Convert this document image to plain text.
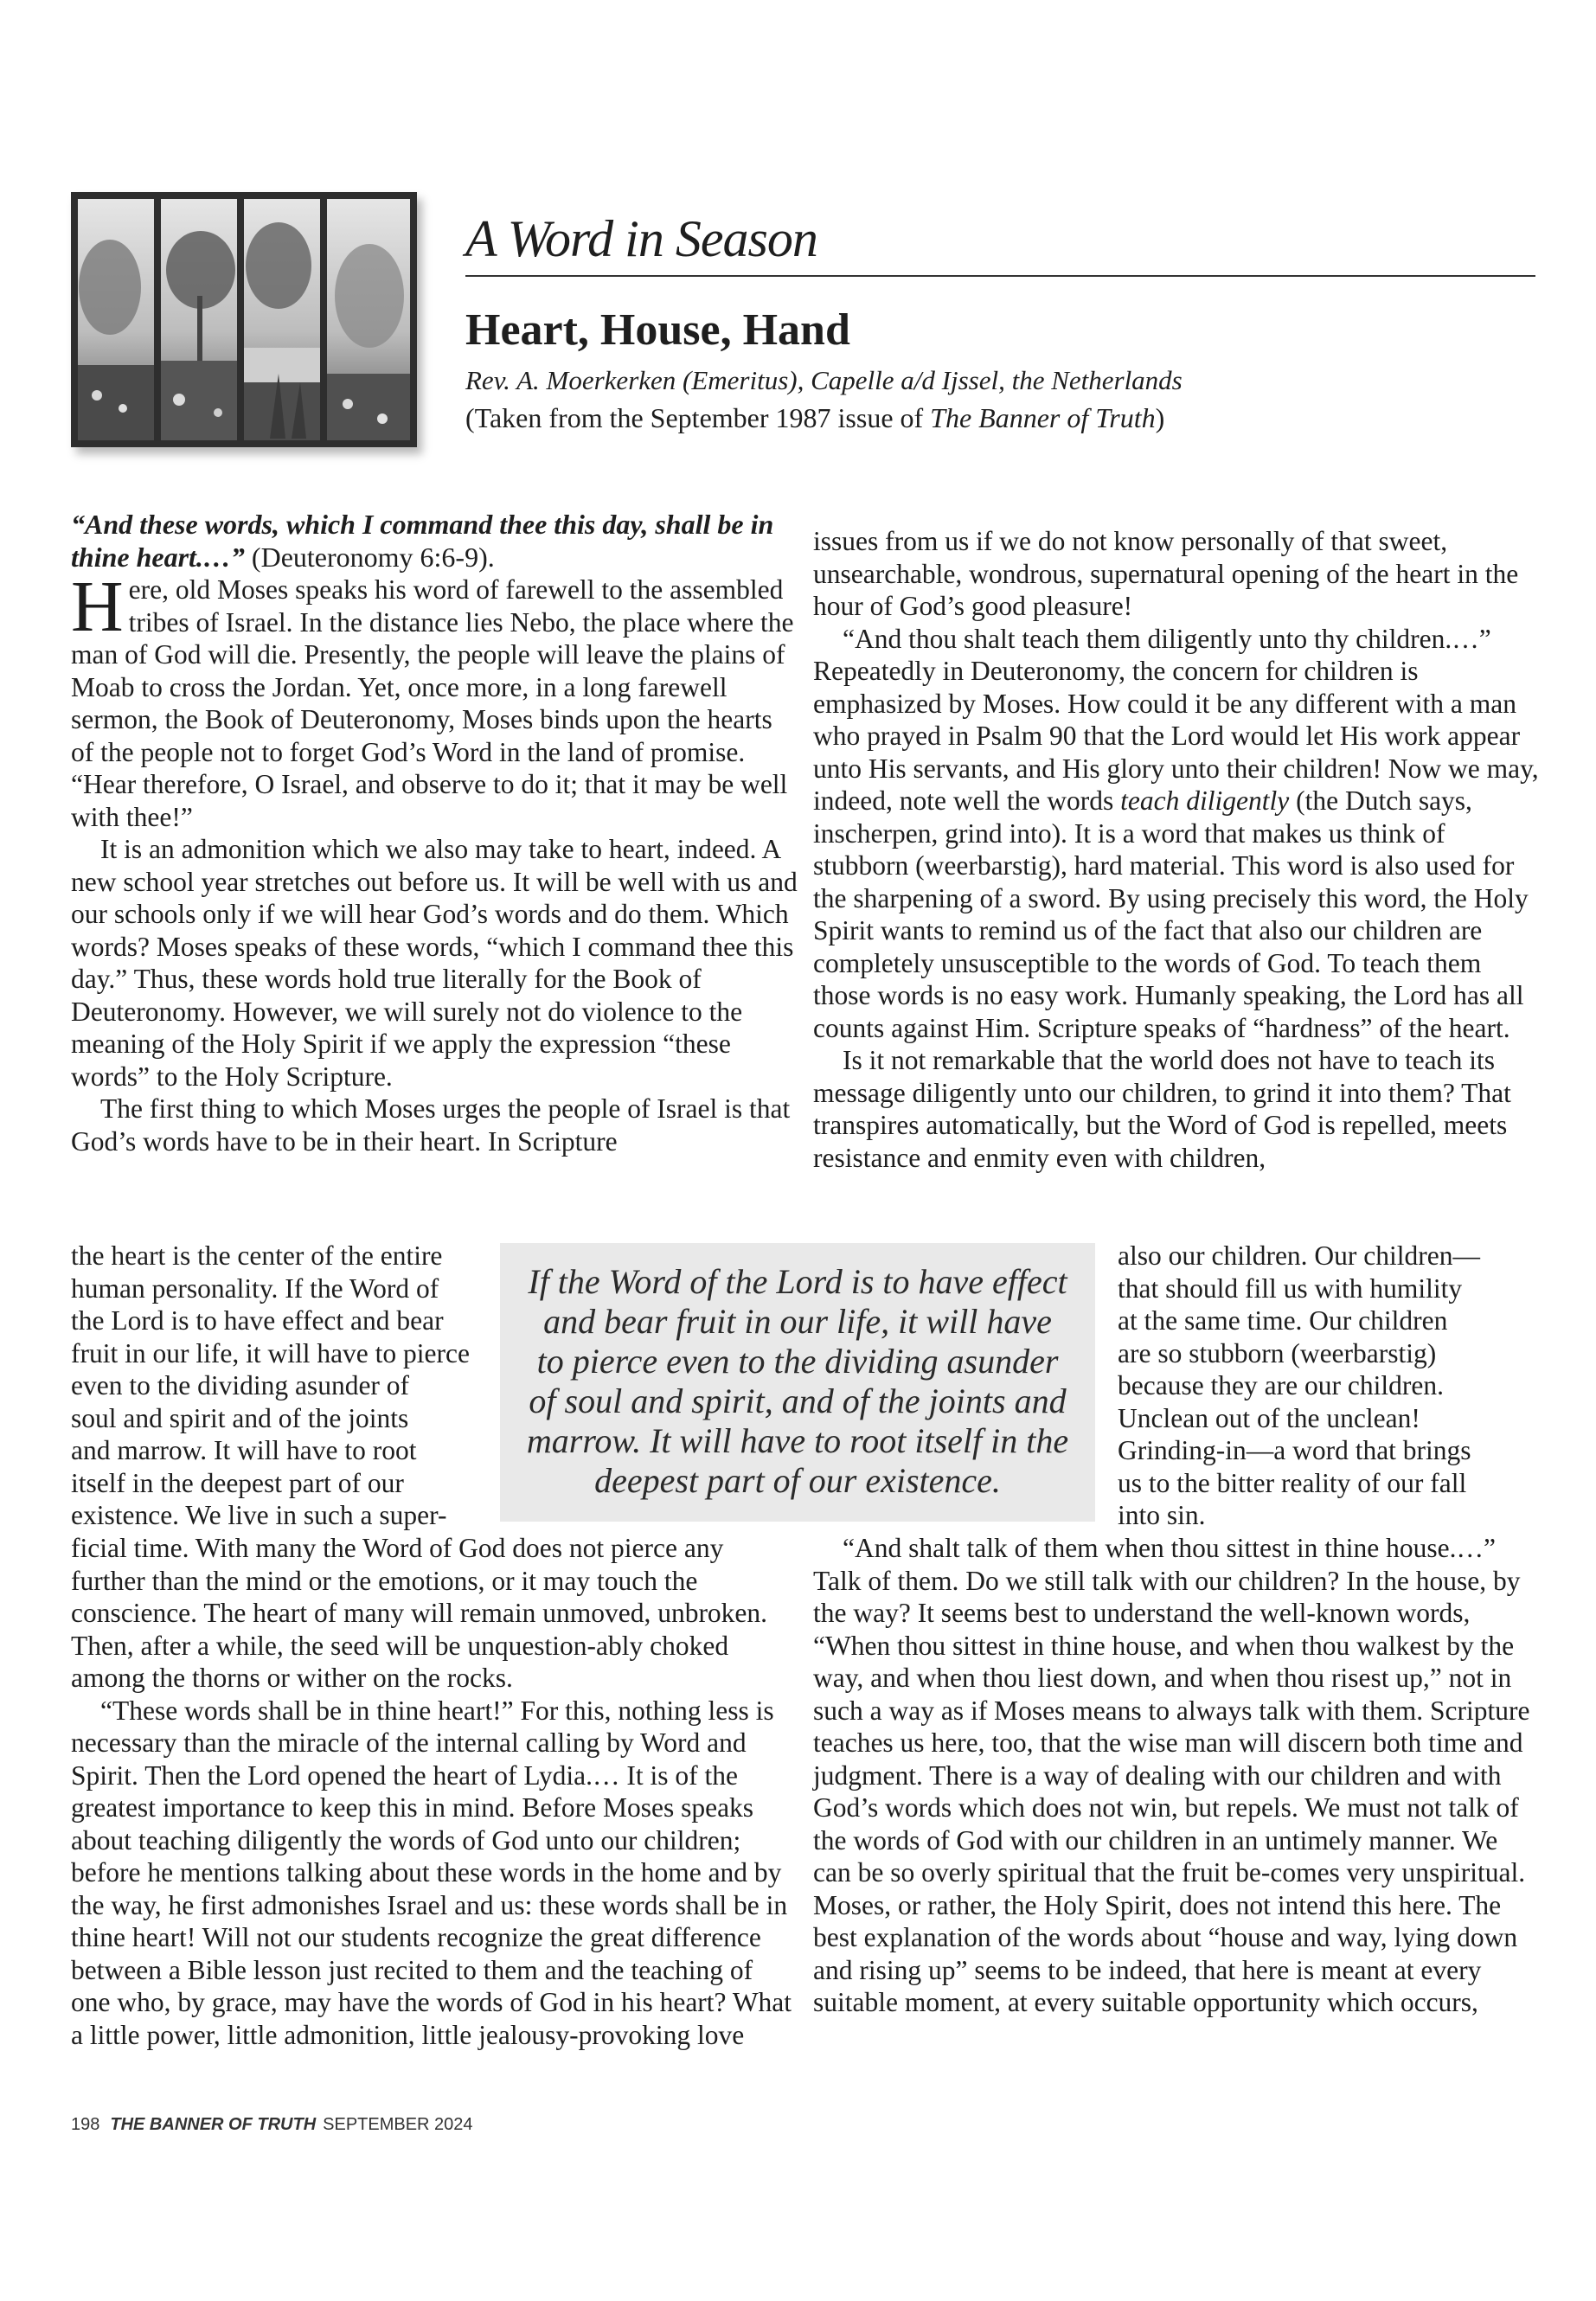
A Word in Season
Heart, House, Hand
Rev. A. Moerkerken (Emeritus), Capelle a/d Ijssel, the Netherlands
(Taken from the September 1987 issue of The Banner of Truth)

“And these words, which I command thee this day, shall be in thine heart.…” (Deuteronomy 6:6-9).

Here, old Moses speaks his word of farewell to the assembled tribes of Israel. In the distance lies Nebo, the place where the man of God will die. Presently, the people will leave the plains of Moab to cross the Jordan. Yet, once more, in a long farewell sermon, the Book of Deuteronomy, Moses binds upon the hearts of the people not to forget God’s Word in the land of promise. “Hear therefore, O Israel, and observe to do it; that it may be well with thee!”

It is an admonition which we also may take to heart, indeed. A new school year stretches out before us. It will be well with us and our schools only if we will hear God’s words and do them. Which words? Moses speaks of these words, “which I command thee this day.” Thus, these words hold true literally for the Book of Deuteronomy. However, we will surely not do violence to the meaning of the Holy Spirit if we apply the expression “these words” to the Holy Scripture.

The first thing to which Moses urges the people of Israel is that God’s words have to be in their heart. In Scripture

the heart is the center of the entire
human personality. If the Word of
the Lord is to have effect and bear
fruit in our life, it will have to pierce
even to the dividing asunder of
soul and spirit and of the joints
and marrow. It will have to root
itself in the deepest part of our
existence. We live in such a super-

If the Word of the Lord is to have effect and bear fruit in our life, it will have to pierce even to the dividing asunder of soul and spirit, and of the joints and marrow. It will have to root itself in the deepest part of our existence.

also our children. Our children—
that should fill us with humility
at the same time. Our children
are so stubborn (weerbarstig)
because they are our children.
Unclean out of the unclean!
Grinding-in—a word that brings
us to the bitter reality of our fall
into sin.

ficial time. With many the Word of God does not pierce any further than the mind or the emotions, or it may touch the conscience. The heart of many will remain unmoved, unbroken. Then, after a while, the seed will be unquestion-ably choked among the thorns or wither on the rocks.

“These words shall be in thine heart!” For this, nothing less is necessary than the miracle of the internal calling by Word and Spirit. Then the Lord opened the heart of Lydia.… It is of the greatest importance to keep this in mind. Before Moses speaks about teaching diligently the words of God unto our children; before he mentions talking about these words in the home and by the way, he first admonishes Israel and us: these words shall be in thine heart! Will not our students recognize the great difference between a Bible lesson just recited to them and the teaching of one who, by grace, may have the words of God in his heart? What a little power, little admonition, little jealousy-provoking love

issues from us if we do not know personally of that sweet, unsearchable, wondrous, supernatural opening of the heart in the hour of God’s good pleasure!

“And thou shalt teach them diligently unto thy children.…” Repeatedly in Deuteronomy, the concern for children is emphasized by Moses. How could it be any different with a man who prayed in Psalm 90 that the Lord would let His work appear unto His servants, and His glory unto their children! Now we may, indeed, note well the words teach diligently (the Dutch says, inscherpen, grind into). It is a word that makes us think of stubborn (weerbarstig), hard material. This word is also used for the sharpening of a sword. By using precisely this word, the Holy Spirit wants to remind us of the fact that also our children are completely unsusceptible to the words of God. To teach them those words is no easy work. Humanly speaking, the Lord has all counts against Him. Scripture speaks of “hardness” of the heart.

Is it not remarkable that the world does not have to teach its message diligently unto our children, to grind it into them? That transpires automatically, but the Word of God is repelled, meets resistance and enmity even with children,

“And shalt talk of them when thou sittest in thine house.…” Talk of them. Do we still talk with our children? In the house, by the way? It seems best to understand the well-known words, “When thou sittest in thine house, and when thou walkest by the way, and when thou liest down, and when thou risest up,” not in such a way as if Moses means to always talk with them. Scripture teaches us here, too, that the wise man will discern both time and judgment. There is a way of dealing with our children and with God’s words which does not win, but repels. We must not talk of the words of God with our children in an untimely manner. We can be so overly spiritual that the fruit be-comes very unspiritual. Moses, or rather, the Holy Spirit, does not intend this here. The best explanation of the words about “house and way, lying down and rising up” seems to be indeed, that here is meant at every suitable moment, at every suitable opportunity which occurs,

198 THE BANNER OF TRUTH SEPTEMBER 2024
